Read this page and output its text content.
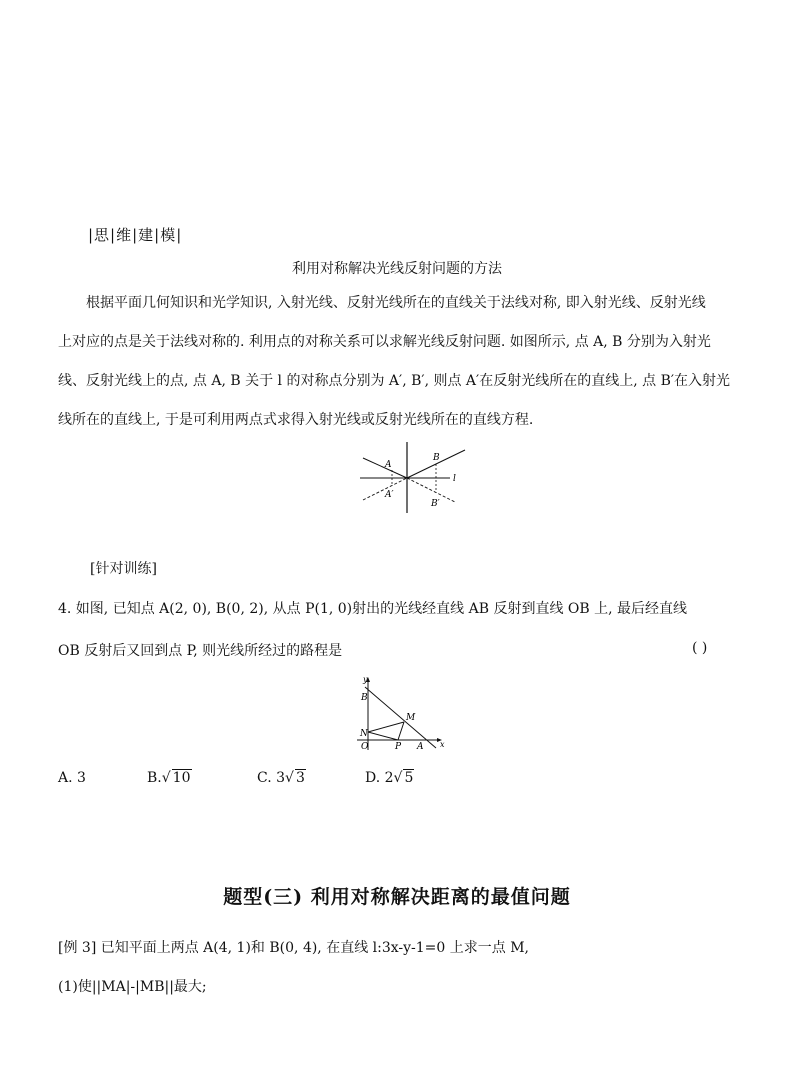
|思|维|建|模|
利用对称解决光线反射问题的方法

根据平面几何知识和光学知识, 入射光线、反射光线所在的直线关于法线对称, 即入射光线、反射光线

上对应的点是关于法线对称的. 利用点的对称关系可以求解光线反射问题. 如图所示, 点 A, B 分别为入射光

线、反射光线上的点, 点 A, B 关于 l 的对称点分别为 A′, B′, 则点 A′在反射光线所在的直线上, 点 B′在入射光

线所在的直线上, 于是可利用两点式求得入射光线或反射光线所在的直线方程.

A
B
A′
B′
l
[针对训练]
4. 如图, 已知点 A(2, 0), B(0, 2), 从点 P(1, 0)射出的光线经直线 AB 反射到直线 OB 上, 最后经直线
OB 反射后又回到点 P, 则光线所经过的路程是	( )
y
x
B
M
N
O	P A
A. 3	B.√ 10	C. 3√ 3	D. 2√ 5
题型(三) 利用对称解决距离的最值问题
[例 3] 已知平面上两点 A(4, 1)和 B(0, 4), 在直线 l:3x-y-1=0 上求一点 M,
(1)使||MA|-|MB||最大;
